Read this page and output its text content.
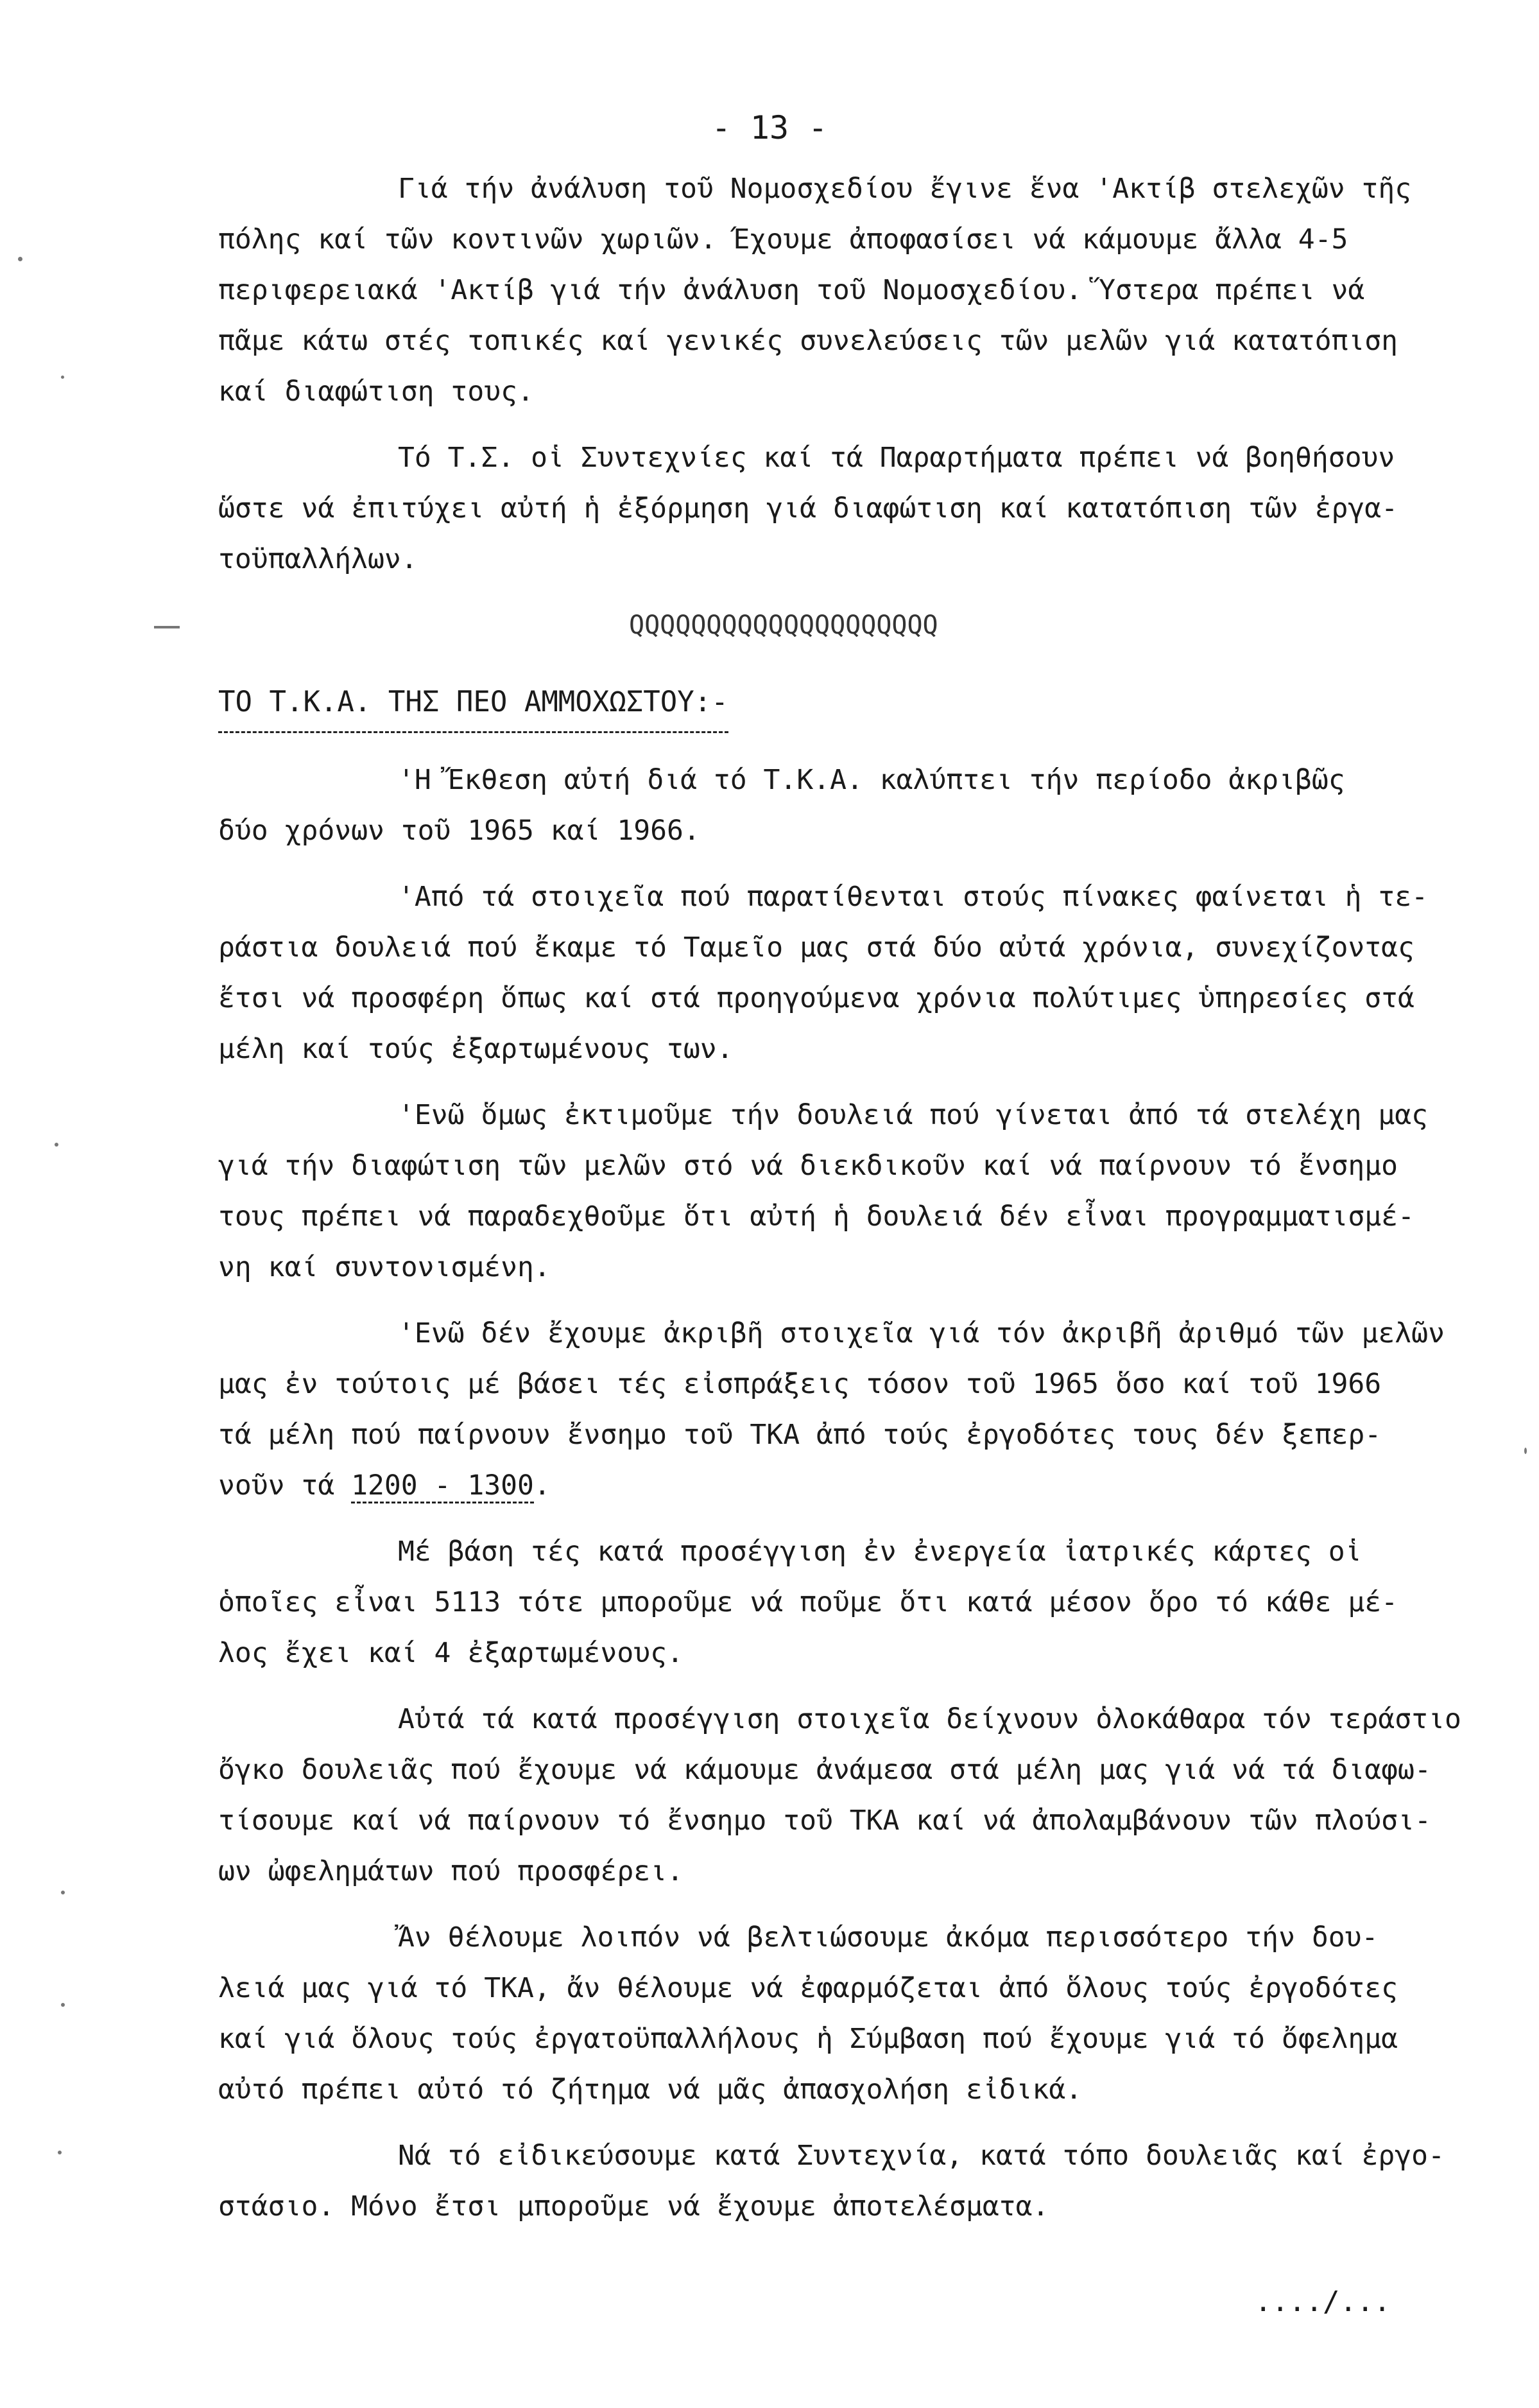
- 13 -
Γιά τήν ἀνάλυση τοῦ Νομοσχεδίου ἔγινε ἕνα 'Ακτίβ στελεχῶν τῆς
πόλης καί τῶν κοντινῶν χωριῶν. Έχουμε ἀποφασίσει νά κάμουμε ἄλλα 4-5
περιφερειακά 'Ακτίβ γιά τήν ἀνάλυση τοῦ Νομοσχεδίου. Ὕστερα πρέπει νά
πᾶμε κάτω στές τοπικές καί γενικές συνελεύσεις τῶν μελῶν γιά κατατόπιση
καί διαφώτιση τους.
Τό Τ.Σ. οἱ Συντεχνίες καί τά Παραρτήματα πρέπει νά βοηθήσουν
ὥστε νά ἐπιτύχει αὐτή ἡ ἐξόρμηση γιά διαφώτιση καί κατατόπιση τῶν ἐργα-
τοϋπαλλήλων.
QQQQQQQQQQQQQQQQQQQQ
ΤΟ Τ.Κ.Α. ΤΗΣ ΠΕΟ ΑΜΜΟΧΩΣΤΟΥ:-
'Η Ἔκθεση αὐτή διά τό Τ.Κ.Α. καλύπτει τήν περίοδο ἀκριβῶς
δύο χρόνων τοῦ 1965 καί 1966.
'Από τά στοιχεῖα πού παρατίθενται στούς πίνακες φαίνεται ἡ τε-
ράστια δουλειά πού ἔκαμε τό Ταμεῖο μας στά δύο αὐτά χρόνια, συνεχίζοντας
ἔτσι νά προσφέρη ὅπως καί στά προηγούμενα χρόνια πολύτιμες ὑπηρεσίες στά
μέλη καί τούς ἐξαρτωμένους των.
'Ενῶ ὅμως ἐκτιμοῦμε τήν δουλειά πού γίνεται ἀπό τά στελέχη μας
γιά τήν διαφώτιση τῶν μελῶν στό νά διεκδικοῦν καί νά παίρνουν τό ἔνσημο
τους πρέπει νά παραδεχθοῦμε ὅτι αὐτή ἡ δουλειά δέν εἶναι προγραμματισμέ-
νη καί συντονισμένη.
'Ενῶ δέν ἔχουμε ἀκριβῆ στοιχεῖα γιά τόν ἀκριβῆ ἀριθμό τῶν μελῶν
μας ἐν τούτοις μέ βάσει τές εἰσπράξεις τόσον τοῦ 1965 ὅσο καί τοῦ 1966
τά μέλη πού παίρνουν ἔνσημο τοῦ ΤΚΑ ἀπό τούς ἐργοδότες τους δέν ξεπερ-
νοῦν τά 1200 - 1300.
Μέ βάση τές κατά προσέγγιση ἐν ἐνεργεία ἰατρικές κάρτες οἱ
ὁποῖες εἶναι 5113 τότε μποροῦμε νά ποῦμε ὅτι κατά μέσον ὅρο τό κάθε μέ-
λος ἔχει καί 4 ἐξαρτωμένους.
Αὐτά τά κατά προσέγγιση στοιχεῖα δείχνουν ὁλοκάθαρα τόν τεράστιο
ὄγκο δουλειᾶς πού ἔχουμε νά κάμουμε ἀνάμεσα στά μέλη μας γιά νά τά διαφω-
τίσουμε καί νά παίρνουν τό ἔνσημο τοῦ ΤΚΑ καί νά ἀπολαμβάνουν τῶν πλούσι-
ων ὠφελημάτων πού προσφέρει.
Ἄν θέλουμε λοιπόν νά βελτιώσουμε ἀκόμα περισσότερο τήν δου-
λειά μας γιά τό ΤΚΑ, ἄν θέλουμε νά ἐφαρμόζεται ἀπό ὅλους τούς ἐργοδότες
καί γιά ὅλους τούς ἐργατοϋπαλλήλους ἡ Σύμβαση πού ἔχουμε γιά τό ὄφελημα
αὐτό πρέπει αὐτό τό ζήτημα νά μᾶς ἀπασχολήση εἰδικά.
Νά τό εἰδικεύσουμε κατά Συντεχνία, κατά τόπο δουλειᾶς καί ἐργο-
στάσιο. Μόνο ἔτσι μποροῦμε νά ἔχουμε ἀποτελέσματα.
..../...
